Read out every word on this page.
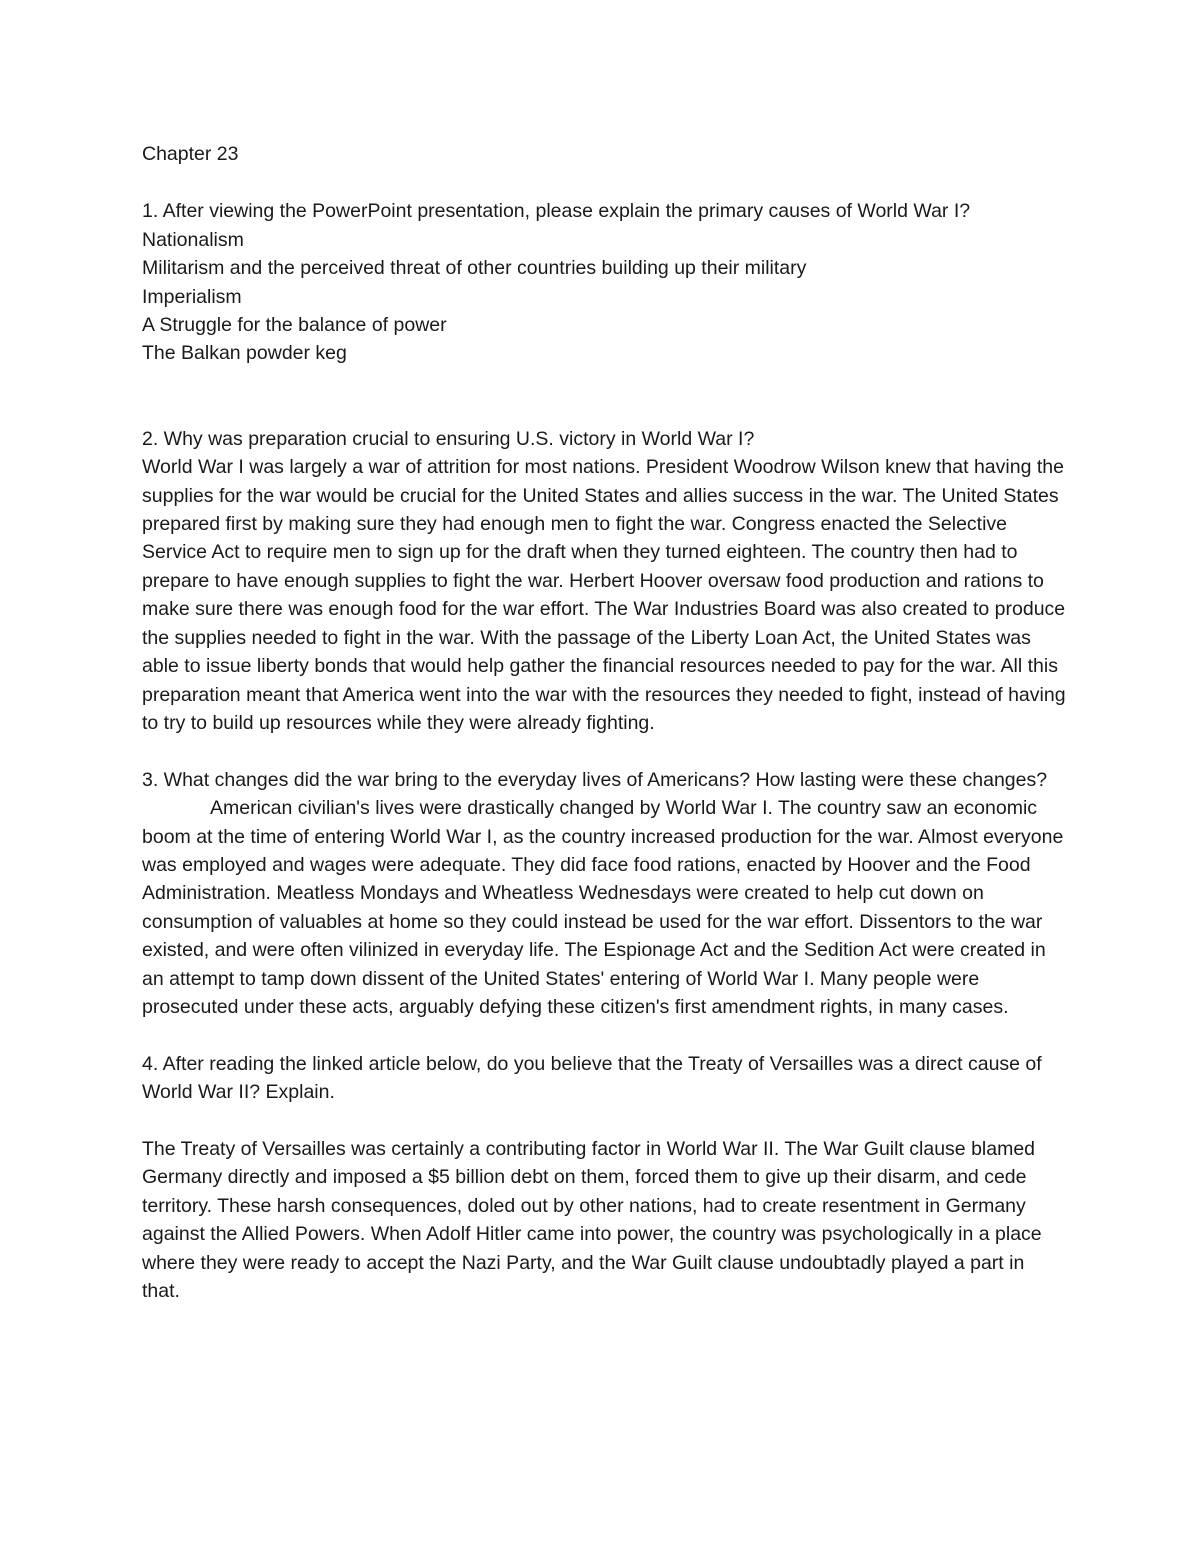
Chapter 23

1. After viewing the PowerPoint presentation, please explain the primary causes of World War I?

Nationalism
Militarism and the perceived threat of other countries building up their military
Imperialism
A Struggle for the balance of power
The Balkan powder keg

2. Why was preparation crucial to ensuring U.S. victory in World War I?

World War I was largely a war of attrition for most nations. President Woodrow Wilson knew that having the supplies for the war would be crucial for the United States and allies success in the war. The United States prepared first by making sure they had enough men to fight the war. Congress enacted the Selective Service Act to require men to sign up for the draft when they turned eighteen. The country then had to prepare to have enough supplies to fight the war. Herbert Hoover oversaw food production and rations to make sure there was enough food for the war effort. The War Industries Board was also created to produce the supplies needed to fight in the war. With the passage of the Liberty Loan Act, the United States was able to issue liberty bonds that would help gather the financial resources needed to pay for the war. All this preparation meant that America went into the war with the resources they needed to fight, instead of having to try to build up resources while they were already fighting.

3. What changes did the war bring to the everyday lives of Americans? How lasting were these changes?

American civilian's lives were drastically changed by World War I. The country saw an economic boom at the time of entering World War I, as the country increased production for the war. Almost everyone was employed and wages were adequate. They did face food rations, enacted by Hoover and the Food Administration. Meatless Mondays and Wheatless Wednesdays were created to help cut down on consumption of valuables at home so they could instead be used for the war effort. Dissentors to the war existed, and were often vilinized in everyday life. The Espionage Act and the Sedition Act were created in an attempt to tamp down dissent of the United States' entering of World War I. Many people were prosecuted under these acts, arguably defying these citizen's first amendment rights, in many cases.

4. After reading the linked article below, do you believe that the Treaty of Versailles was a direct cause of World War II? Explain.

The Treaty of Versailles was certainly a contributing factor in World War II. The War Guilt clause blamed Germany directly and imposed a $5 billion debt on them, forced them to give up their disarm, and cede territory. These harsh consequences, doled out by other nations, had to create resentment in Germany against the Allied Powers. When Adolf Hitler came into power, the country was psychologically in a place where they were ready to accept the Nazi Party, and the War Guilt clause undoubtadly played a part in that.
